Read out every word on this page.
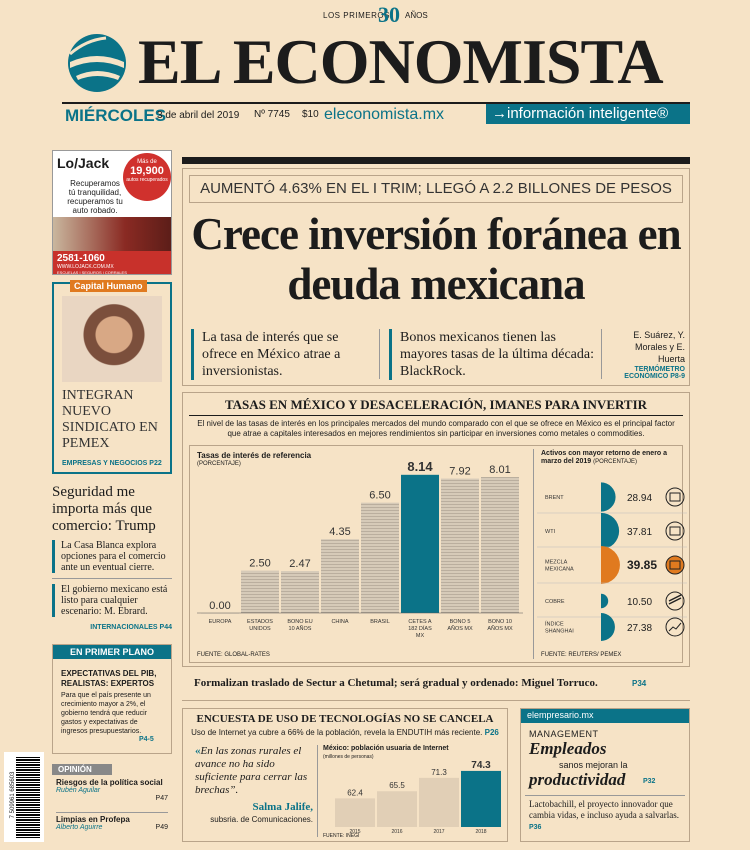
LOS PRIMEROS
30 AÑOS
EL ECONOMISTA
MIÉRCOLES
3 de abril del 2019 Nº 7745 $10 eleconomista.mx	→información inteligente®
Lo/Jack	Más de
19,900
autos recuperados
Recuperamos
tú tranquilidad,
recuperamos tu
auto robado.
2581-1060
WWW.LOJACK.COM.MX
ESCUELAS | SEGUROS | CORRALES
Capital Humano
INTEGRAN NUEVO SINDICATO EN PEMEX
EMPRESAS Y NEGOCIOS P22
Seguridad me importa más que comercio: Trump
La Casa Blanca explora opciones para el comercio ante un eventual cierre.
El gobierno mexicano está listo para cualquier escenario: M. Ebrard.
INTERNACIONALES P44
EN PRIMER PLANO
EXPECTATIVAS DEL PIB, REALISTAS: EXPERTOS
Para que el país presente un crecimiento mayor a 2%, el gobierno tendrá que reducir gastos y expectativas de ingresos presupuestarios.
P4-5
OPINIÓN
Riesgos de la política social
Rubén Aguilar
P47
Limpias en Profepa
Alberto Aguirre	P49
7 509961 685603
AUMENTÓ 4.63% EN EL I TRIM; LLEGÓ A 2.2 BILLONES DE PESOS
Crece inversión foránea en deuda mexicana
La tasa de interés que se ofrece en México atrae a inversionistas.
Bonos mexicanos tienen las mayores tasas de la última década: BlackRock.
E. Suárez, Y. Morales y E. Huerta
TERMÓMETRO ECONÓMICO P8-9
TASAS EN MÉXICO Y DESACELERACIÓN, IMANES PARA INVERTIR
El nivel de las tasas de interés en los principales mercados del mundo comparado con el que se ofrece en México es el principal factor que atrae a capitales interesados en mejores rendimientos sin participar en inversiones como metales o commodities.
Tasas de interés de referencia
(PORCENTAJE)
0.00
EUROPA
2.50
ESTADOS
UNIDOS
2.47
BONO EU
10 AÑOS
4.35
CHINA
6.50
BRASIL
8.14
CETES A
182 DÍAS
MX
7.92
BONO 5
AÑOS MX
8.01
BONO 10
AÑOS MX
FUENTE: GLOBAL-RATES
Activos con mayor retorno de enero a marzo del 2019 (PORCENTAJE)
BRENT	28.94
WTI	37.81
MEZCLA
MEXICANA	39.85
COBRE	10.50
ÍNDICE
SHANGHAI	27.38
FUENTE: REUTERS/ PEMEX
Formalizan traslado de Sectur a Chetumal; será gradual y ordenado: Miguel Torruco.	P34
ENCUESTA DE USO DE TECNOLOGÍAS NO SE CANCELA
Uso de Internet ya cubre a 66% de la población, revela la ENDUTIH más reciente. P26
«En las zonas rurales el avance no ha sido suficiente para cerrar las brechas”.
Salma Jalife,
subsria. de Comunicaciones.
México: población usuaria de Internet
(millones de personas)
62.4
2015
65.5
2016
71.3
2017
74.3
2018
FUENTE: INEGI
elempresario.mx
MANAGEMENT
Empleados
sanos mejoran la
productividad	P32
Lactobachill, el proyecto innovador que cambia vidas, e incluso ayuda a salvarlas. P36
